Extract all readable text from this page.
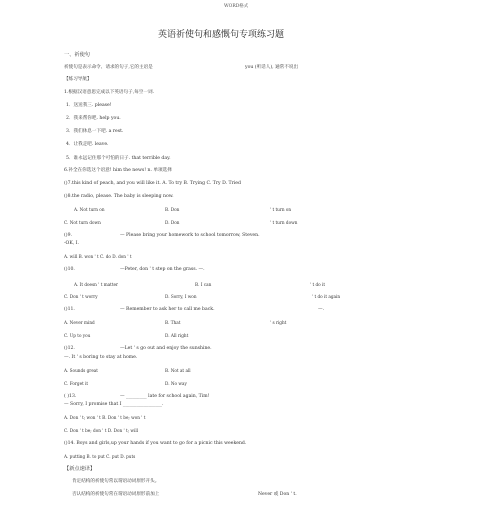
WORD格式
英语祈使句和感慨句专项练习题
一、祈使句
祈使句是表示命令、请求的句子,它的主语是	you (听话人), 通常不说出
【练习导航】
1.根据汉语意思完成以下英语句子,每空一词.
1．送送我三. please!
2．我来帮你吧. help you.
3．我们休息一下吧. a rest.
4．让我走吧. leave.
5．谁永远记住那个可怕的日子. that terrible day.
6.补全在你选这个语意! him the news! n. 单项选择
()7.this kind of peach, and you will like it. A. To try B. Trying C. Try D. Tried
()8.the radio, please. The baby is sleeping now.
A. Not turn on	B. Don	' t turn on
C. Not turn down	D. Don	' t turn down
()9.	— Please bring your homework to school tomorrow, Steven.
-OK, I.
A. will B. won ' t C. do D. don ' t
()10.	—Peter, don ' t step on the grass. —.
A. It doesn ' t matter	B. I can	' t do it
C. Don ' t worry	D. Sorry, I won	' t do it again
()11.	— Remember to ask her to call me back.	—.
A. Never mind	B. That	' s right
C. Up to you	D. All right
()12.	—Let ' s go out and enjoy the sunshine.
—. It ' s boring to stay at home.
A. Sounds great	B. Not at all
C. Forget it	D. No way
( )13.	— _________ late for school again, Tim!
— Sorry, I promise that I _________________.
A. Don ' t; won ' t B. Don ' t be; won ' t
C. Don ' t be; don ' t D. Don ' t; will
()14. Boys and girls,up your hands if you want to go for a picnic this weekend.
A. putting B. to put C. put D. puts
【新点速译】
肯定结构的祈使句常以谓语动词原形开头。
否认结构的祈使句常在谓语动词原形前加上	Never 或 Don ' t.
